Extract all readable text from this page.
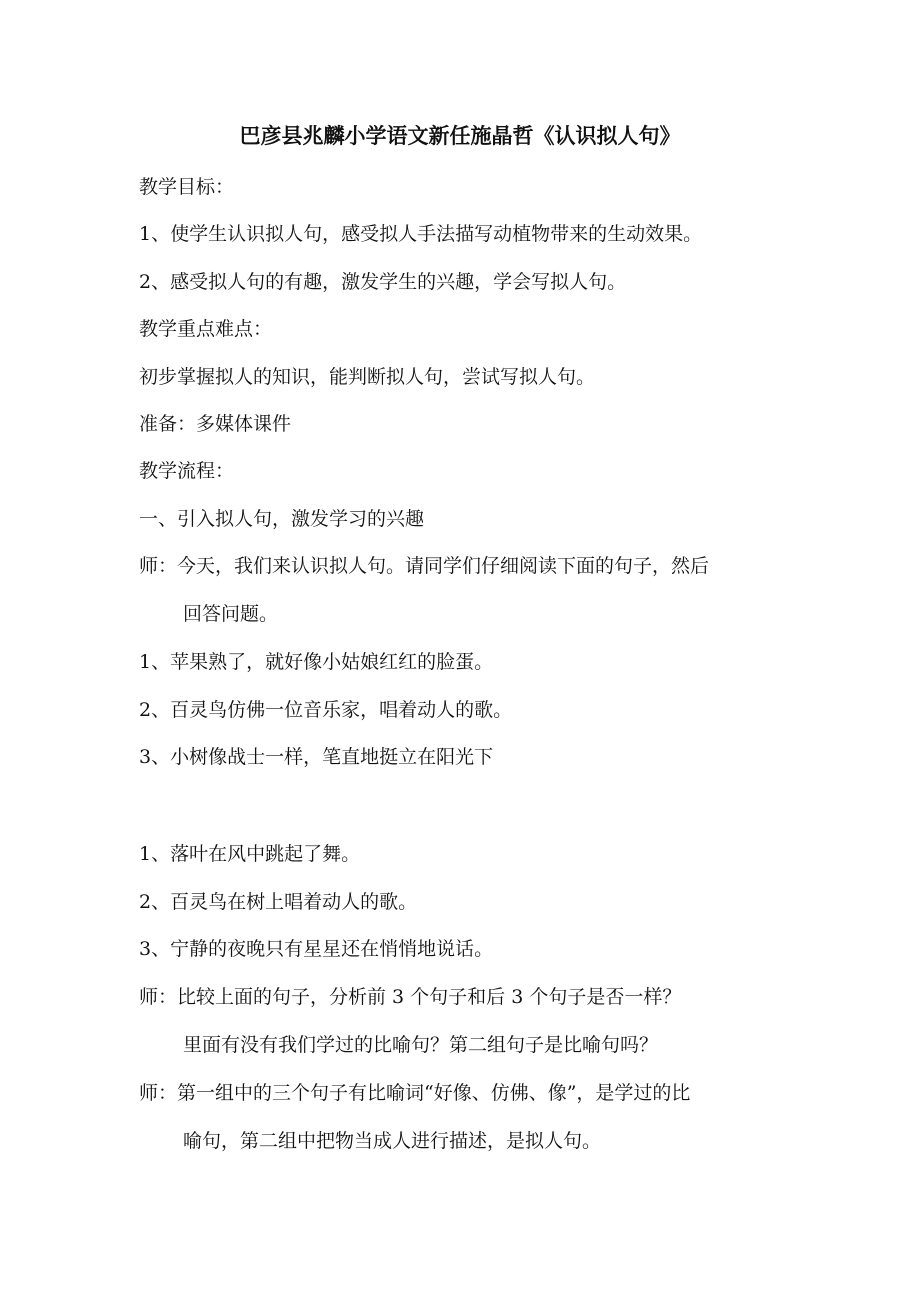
巴彦县兆麟小学语文新任施晶哲《认识拟人句》
教学目标：
1、使学生认识拟人句，感受拟人手法描写动植物带来的生动效果。
2、感受拟人句的有趣，激发学生的兴趣，学会写拟人句。
教学重点难点：
初步掌握拟人的知识，能判断拟人句，尝试写拟人句。
准备：多媒体课件
教学流程：
一、引入拟人句，激发学习的兴趣
师：今天，我们来认识拟人句。请同学们仔细阅读下面的句子，然后
回答问题。
1、苹果熟了，就好像小姑娘红红的脸蛋。
2、百灵鸟仿佛一位音乐家，唱着动人的歌。
3、小树像战士一样，笔直地挺立在阳光下
1、落叶在风中跳起了舞。
2、百灵鸟在树上唱着动人的歌。
3、宁静的夜晚只有星星还在悄悄地说话。
师：比较上面的句子，分析前 3 个句子和后 3 个句子是否一样？
里面有没有我们学过的比喻句？第二组句子是比喻句吗？
师：第一组中的三个句子有比喻词“好像、仿佛、像”，是学过的比
喻句，第二组中把物当成人进行描述，是拟人句。
